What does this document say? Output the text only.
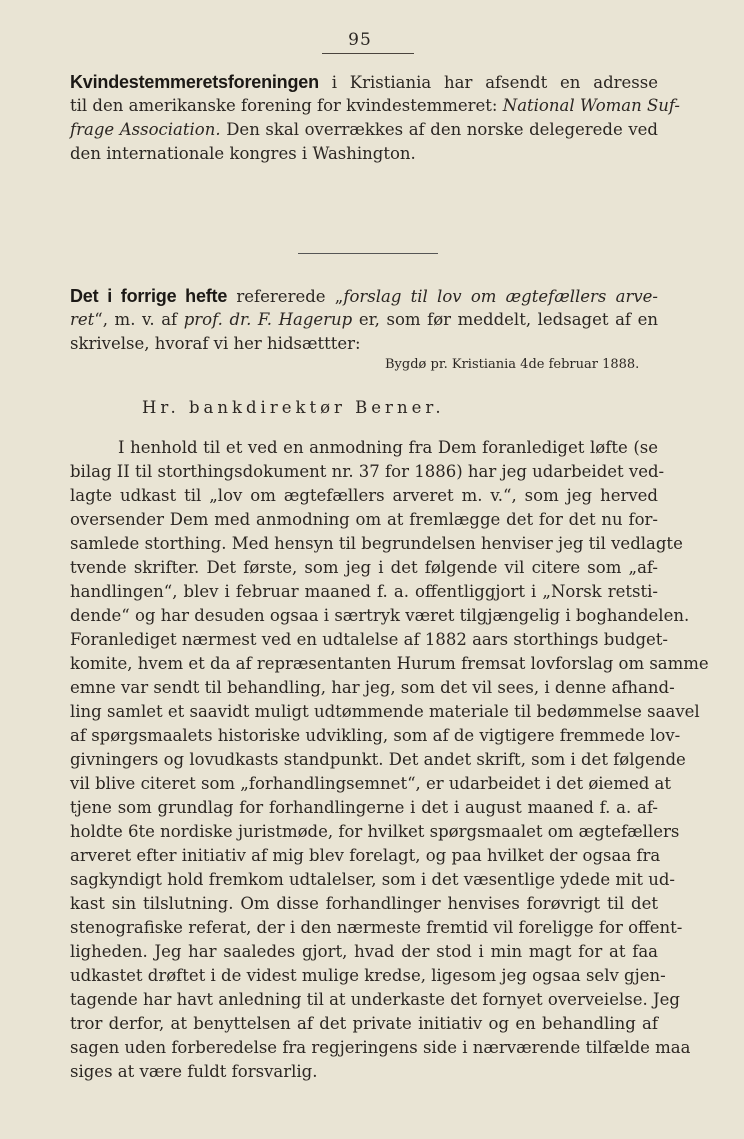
95
Kvindestemmeretsforeningen i Kristiania har afsendt en adresse
til den amerikanske forening for kvindestemmeret: National Woman Suf-
frage Association. Den skal overrækkes af den norske delegerede ved
den internationale kongres i Washington.
Det i forrige hefte refererede „forslag til lov om ægtefællers arve-
ret“, m. v. af prof. dr. F. Hagerup er, som før meddelt, ledsaget af en
skrivelse, hvoraf vi her hidsættter:
Bygdø pr. Kristiania 4de februar 1888.
Hr. bankdirektør Berner.
I henhold til et ved en anmodning fra Dem foranlediget løfte (se
bilag II til storthingsdokument nr. 37 for 1886) har jeg udarbeidet ved-
lagte udkast til „lov om ægtefællers arveret m. v.“, som jeg herved
oversender Dem med anmodning om at fremlægge det for det nu for-
samlede storthing. Med hensyn til begrundelsen henviser jeg til vedlagte
tvende skrifter. Det første, som jeg i det følgende vil citere som „af-
handlingen“, blev i februar maaned f. a. offentliggjort i „Norsk retsti-
dende“ og har desuden ogsaa i særtryk været tilgjængelig i boghandelen.
Foranlediget nærmest ved en udtalelse af 1882 aars storthings budget-
komite, hvem et da af repræsentanten Hurum fremsat lovforslag om samme
emne var sendt til behandling, har jeg, som det vil sees, i denne afhand-
ling samlet et saavidt muligt udtømmende materiale til bedømmelse saavel
af spørgsmaalets historiske udvikling, som af de vigtigere fremmede lov-
givningers og lovudkasts standpunkt. Det andet skrift, som i det følgende
vil blive citeret som „forhandlingsemnet“, er udarbeidet i det øiemed at
tjene som grundlag for forhandlingerne i det i august maaned f. a. af-
holdte 6te nordiske juristmøde, for hvilket spørgsmaalet om ægtefællers
arveret efter initiativ af mig blev forelagt, og paa hvilket der ogsaa fra
sagkyndigt hold fremkom udtalelser, som i det væsentlige ydede mit ud-
kast sin tilslutning. Om disse forhandlinger henvises forøvrigt til det
stenografiske referat, der i den nærmeste fremtid vil foreliggе for offent-
ligheden. Jeg har saaledes gjort, hvad der stod i min magt for at faa
udkastet drøftet i de videst mulige kredse, ligesom jeg ogsaa selv gjen-
tagende har havt anledning til at underkaste det fornyet overveielse. Jeg
tror derfor, at benyttelsen af det private initiativ og en behandling af
sagen uden forberedelse fra regjeringens side i nærværende tilfælde maa
siges at være fuldt forsvarlig.
